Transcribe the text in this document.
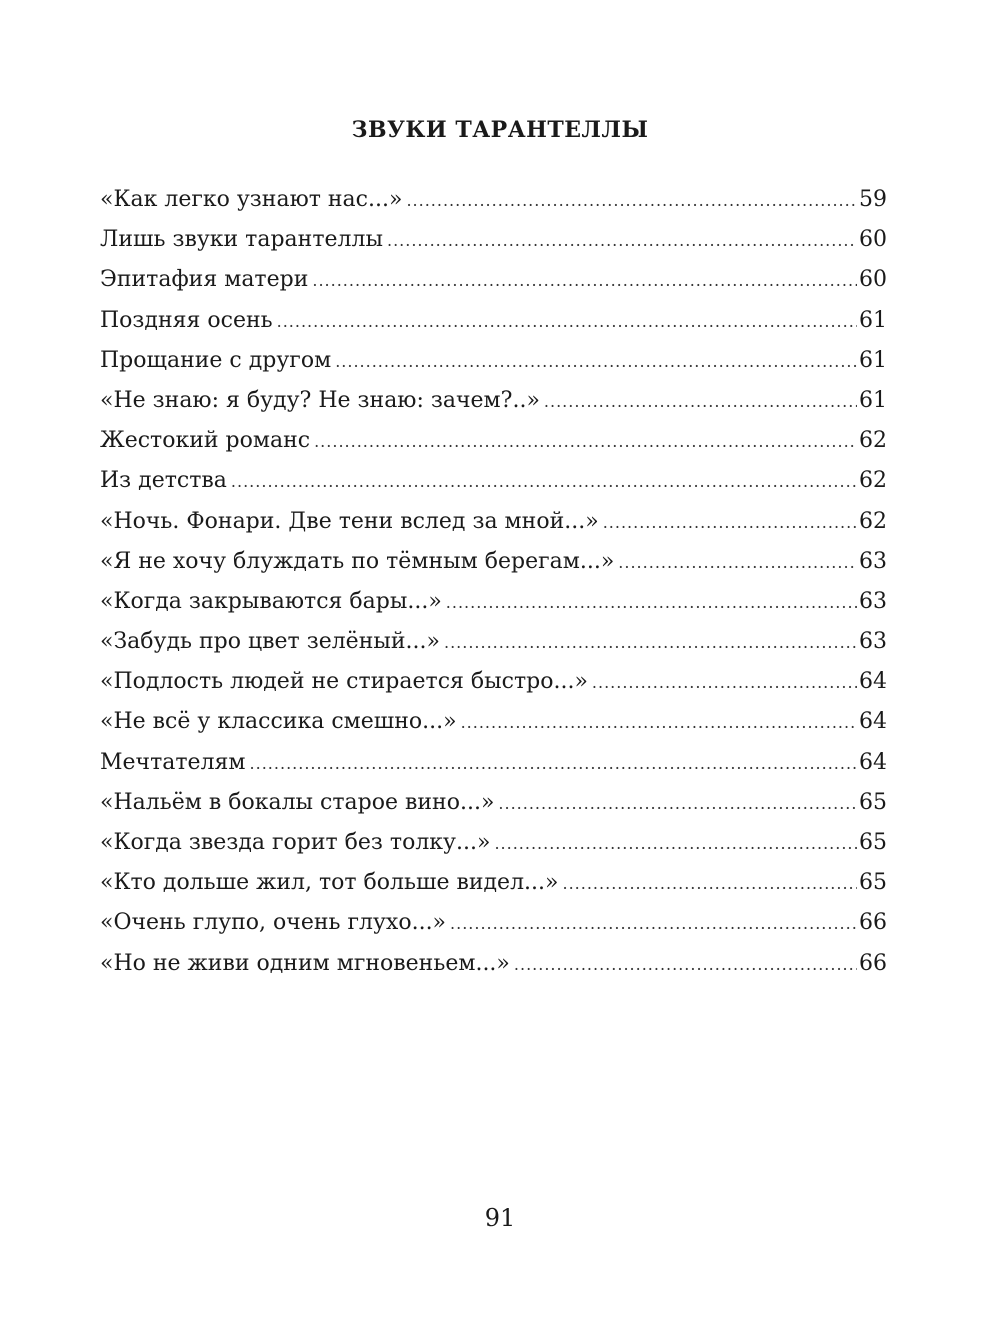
ЗВУКИ ТАРАНТЕЛЛЫ
«Как легко узнают нас...» .....	59
Лишь звуки тарантеллы .....	60
Эпитафия матери .....	60
Поздняя осень .....	61
Прощание с другом .....	61
«Не знаю: я буду? Не знаю: зачем?..» .....	61
Жестокий романс .....	62
Из детства .....	62
«Ночь. Фонари. Две тени вслед за мной...» .....	62
«Я не хочу блуждать по тёмным берегам...» .....	63
«Когда закрываются бары...» .....	63
«Забудь про цвет зелёный...» .....	63
«Подлость людей не стирается быстро...» .....	64
«Не всё у классика смешно...» .....	64
Мечтателям .....	64
«Нальём в бокалы старое вино...» .....	65
«Когда звезда горит без толку...» .....	65
«Кто дольше жил, тот больше видел...» .....	65
«Очень глупо, очень глухо...» .....	66
«Но не живи одним мгновеньем...» .....	66

91
